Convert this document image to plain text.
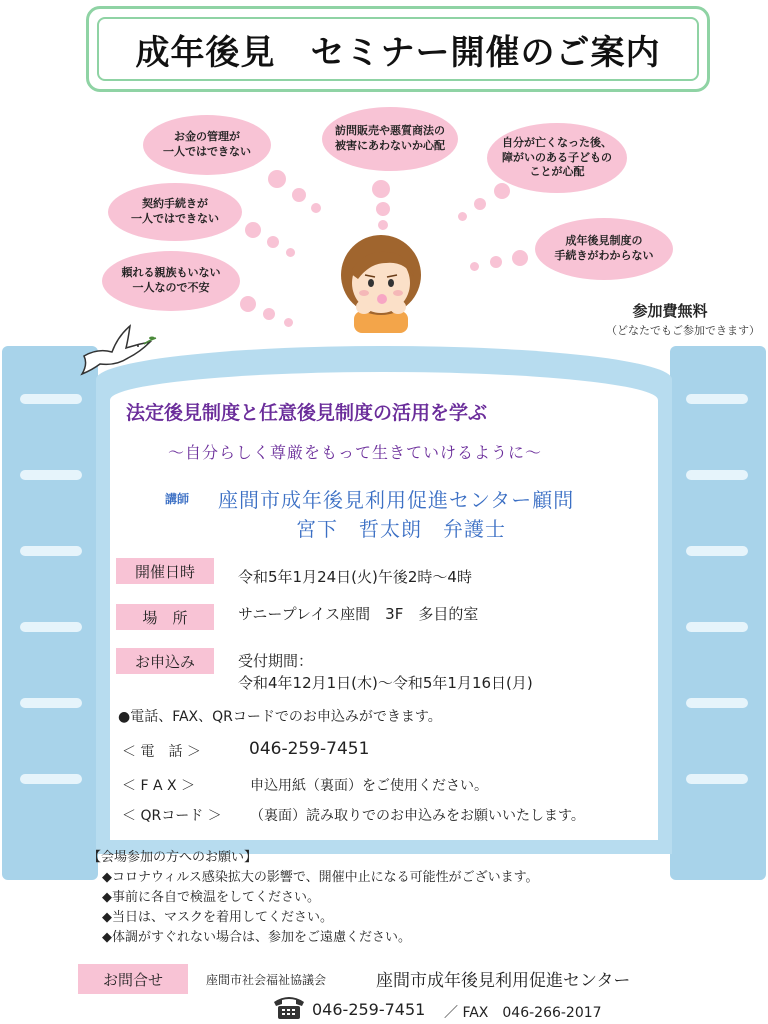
成年後見　セミナー開催のご案内
お金の管理が
一人ではできない
訪問販売や悪質商法の
被害にあわないか心配	自分が亡くなった後、
障がいのある子どもの
ことが心配
契約手続きが
一人ではできない
成年後見制度の
手続きがわからない
頼れる親族もいない
一人なので不安
参加費無料
（どなたでもご参加できます）
法定後見制度と任意後見制度の活用を学ぶ
～自分らしく尊厳をもって生きていけるように～
講師 座間市成年後見利用促進センター顧問
宮下　哲太朗　弁護士
開催日時	令和5年1月24日(火)午後2時～4時
場　所	サニープレイス座間　3F　多目的室
お申込み	受付期間：
令和4年12月1日(木)～令和5年1月16日(月)
●電話、FAX、QRコードでのお申込みができます。
＜ 電　話 ＞	046-259-7451
＜ F A X ＞	申込用紙（裏面）をご使用ください。
＜ QRコード ＞ （裏面）読み取りでのお申込みをお願いいたします。
【会場参加の方へのお願い】
◆コロナウィルス感染拡大の影響で、開催中止になる可能性がございます。
◆事前に各自で検温をしてください。
◆当日は、マスクを着用してください。
◆体調がすぐれない場合は、参加をご遠慮ください。
お問合せ	座間市社会福祉協議会	座間市成年後見利用促進センター
046-259-7451 ／ FAX　046-266-2017
